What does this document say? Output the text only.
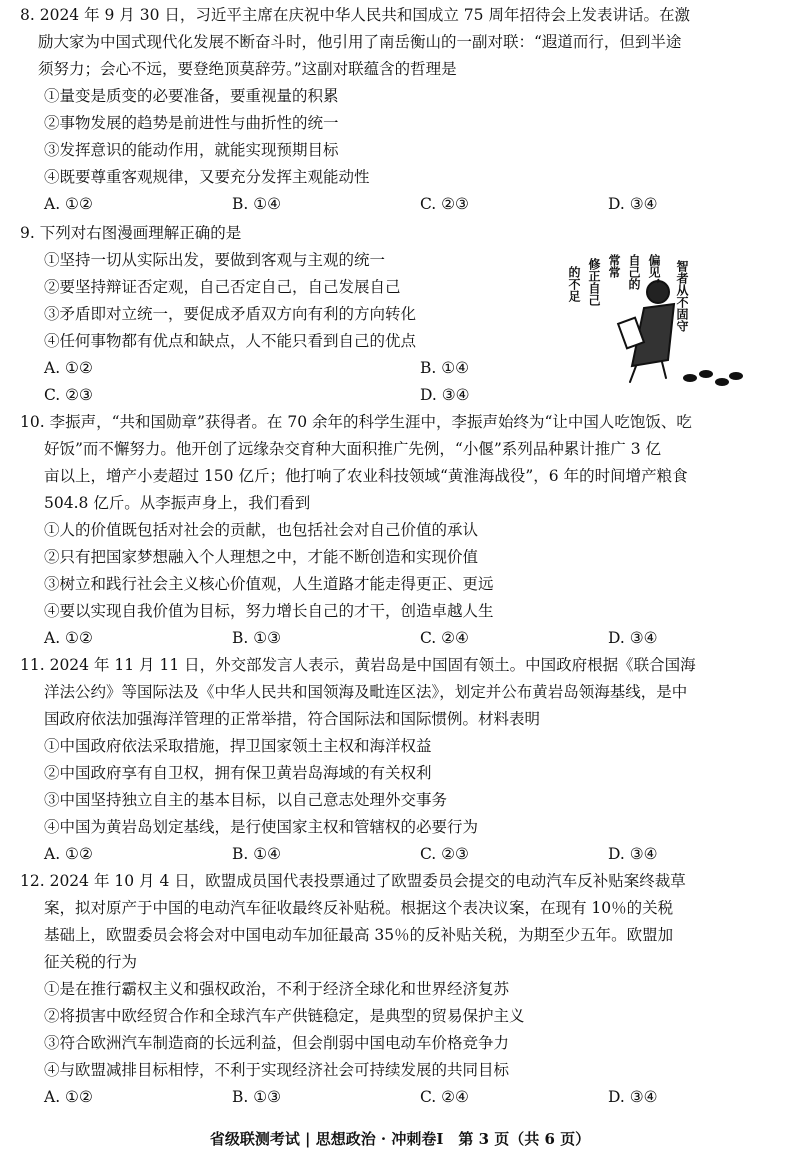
8. 2024 年 9 月 30 日，习近平主席在庆祝中华人民共和国成立 75 周年招待会上发表讲话。在激
励大家为中国式现代化发展不断奋斗时，他引用了南岳衡山的一副对联：“遐道而行，但到半途
须努力；会心不远，要登绝顶莫辞劳。”这副对联蕴含的哲理是
①量变是质变的必要准备，要重视量的积累
②事物发展的趋势是前进性与曲折性的统一
③发挥意识的能动作用，就能实现预期目标
④既要尊重客观规律，又要充分发挥主观能动性
A. ①②	B. ①④	C. ②③	D. ③④
9. 下列对右图漫画理解正确的是
①坚持一切从实际出发，要做到客观与主观的统一
②要坚持辩证否定观，自己否定自己，自己发展自己
③矛盾即对立统一，要促成矛盾双方向有利的方向转化
④任何事物都有优点和缺点，人不能只看到自己的优点
A. ①②	B. ①④
C. ②③	D. ③④
的不足 修正自己 常常 自己的 偏见， 智者从不固守
10. 李振声，“共和国勋章”获得者。在 70 余年的科学生涯中，李振声始终为“让中国人吃饱饭、吃
好饭”而不懈努力。他开创了远缘杂交育种大面积推广先例，“小偃”系列品种累计推广 3 亿
亩以上，增产小麦超过 150 亿斤；他打响了农业科技领域“黄淮海战役”，6 年的时间增产粮食
504.8 亿斤。从李振声身上，我们看到
①人的价值既包括对社会的贡献，也包括社会对自己价值的承认
②只有把国家梦想融入个人理想之中，才能不断创造和实现价值
③树立和践行社会主义核心价值观，人生道路才能走得更正、更远
④要以实现自我价值为目标，努力增长自己的才干，创造卓越人生
A. ①②	B. ①③	C. ②④	D. ③④
11. 2024 年 11 月 11 日，外交部发言人表示，黄岩岛是中国固有领土。中国政府根据《联合国海
洋法公约》等国际法及《中华人民共和国领海及毗连区法》，划定并公布黄岩岛领海基线，是中
国政府依法加强海洋管理的正常举措，符合国际法和国际惯例。材料表明
①中国政府依法采取措施，捍卫国家领土主权和海洋权益
②中国政府享有自卫权，拥有保卫黄岩岛海域的有关权利
③中国坚持独立自主的基本目标，以自己意志处理外交事务
④中国为黄岩岛划定基线，是行使国家主权和管辖权的必要行为
A. ①②	B. ①④	C. ②③	D. ③④
12. 2024 年 10 月 4 日，欧盟成员国代表投票通过了欧盟委员会提交的电动汽车反补贴案终裁草
案，拟对原产于中国的电动汽车征收最终反补贴税。根据这个表决议案，在现有 10％的关税
基础上，欧盟委员会将会对中国电动车加征最高 35％的反补贴关税，为期至少五年。欧盟加
征关税的行为
①是在推行霸权主义和强权政治，不利于经济全球化和世界经济复苏
②将损害中欧经贸合作和全球汽车产供链稳定，是典型的贸易保护主义
③符合欧洲汽车制造商的长远利益，但会削弱中国电动车价格竞争力
④与欧盟减排目标相悖，不利于实现经济社会可持续发展的共同目标
A. ①②	B. ①③	C. ②④	D. ③④
省级联测考试 | 思想政治 · 冲刺卷Ⅰ　第 3 页（共 6 页）
